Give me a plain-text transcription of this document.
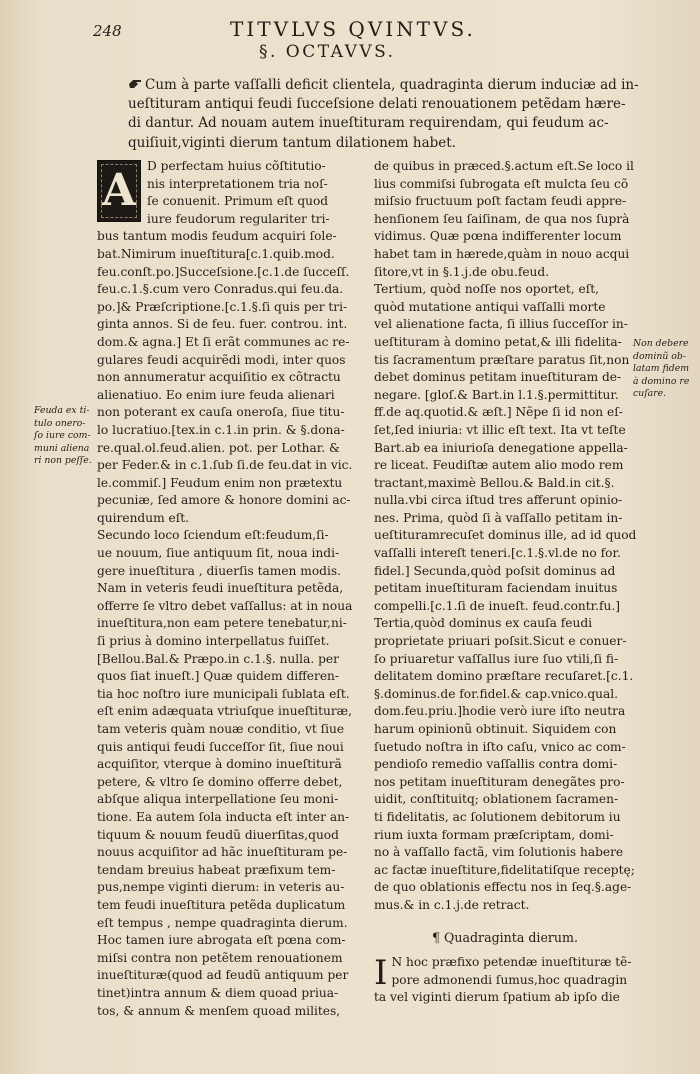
248	TITVLVS QVINTVS.
§. OCTAVVS.
Cum à parte vaſſalli deficit clientela, quadraginta dierum induciæ ad in-
ueſtituram antiqui feudi ſucceſsione delati renouationem petẽdam hære-
di dantur. Ad nouam autem inueſtituram requirendam, qui feudum ac-
quiſiuit,viginti dierum tantum dilationem habet.
A D perfectam huius cõſtitutio-
nis interpretationem tria noſ-
ſe conuenit. Primum eſt quod
iure feudorum regulariter tri-
bus tantum modis feudum acquiri ſole-
bat.Nimirum inueſtitura[c.1.quib.mod.
feu.conſt.po.]Succeſsione.[c.1.de ſucceſſ.
feu.c.1.§.cum vero Conradus.qui feu.da.
po.]& Præſcriptione.[c.1.§.ſi quis per tri-
ginta annos. Si de feu. fuer. controu. int.
dom.& agna.] Et ſi erãt communes ac re-
gulares feudi acquirẽdi modi, inter quos
non annumeratur acquiſitio ex cõtractu
alienatiuo. Eo enim iure feuda alienari
non poterant ex cauſa oneroſa, ſiue titu-
lo lucratiuo.[tex.in c.1.in prin. & §.dona-
re.qual.ol.feud.alien. pot. per Lothar. &
per Feder.& in c.1.ſub ſi.de feu.dat in vic.
le.commiſ.] Feudum enim non prætextu
pecuniæ, ſed amore & honore domini ac-
quirendum eſt.
Secundo loco ſciendum eſt:feudum,ſi-
ue nouum, ſiue antiquum ſit, noua indi-
gere inueſtitura , diuerſis tamen modis.
Nam in veteris feudi inueſtitura petẽda,
offerre ſe vltro debet vaſſallus: at in noua
inueſtitura,non eam petere tenebatur,ni-
ſi prius à domino interpellatus fuiſſet.
[Bellou.Bal.& Præpo.in c.1.§. nulla. per
quos ſiat inueſt.] Quæ quidem differen-
tia hoc noſtro iure municipali ſublata eſt.
eſt enim adæquata vtriuſque inueſtituræ,
tam veteris quàm nouæ conditio, vt ſiue
quis antiqui feudi ſucceſſor ſit, ſiue noui
acquiſitor, vterque à domino inueſtiturã
petere, & vltro ſe domino offerre debet,
abſque aliqua interpellatione ſeu moni-
tione. Ea autem ſola inducta eſt inter an-
tiquum & nouum feudũ diuerſitas,quod
nouus acquiſitor ad hãc inueſtituram pe-
tendam breuius habeat præfixum tem-
pus,nempe viginti dierum: in veteris au-
tem feudi inueſtitura petẽda duplicatum
eſt tempus , nempe quadraginta dierum.
Hoc tamen iure abrogata eſt pœna com-
miſsi contra non petẽtem renouationem
inueſtituræ(quod ad feudũ antiquum per
tinet)intra annum & diem quoad priua-
tos, & annum & menſem quoad milites,
de quibus in præced.§.actum eſt.Se loco il
lius commiſsi ſubrogata eſt mulcta ſeu cõ
miſsio fructuum poſt factam feudi appre-
henſionem ſeu ſaiſinam, de qua nos ſuprà
vidimus. Quæ pœna indifferenter locum
habet tam in hærede,quàm in nouo acqui
ſitore,vt in §.1.j.de obu.feud.
Tertium, quòd noſſe nos oportet, eſt,
quòd mutatione antiqui vaſſalli morte
vel alienatione facta, ſi illius ſucceſſor in-
ueſtituram à domino petat,& illi fidelita-
tis ſacramentum præſtare paratus ſit,non
debet dominus petitam inueſtituram de-
negare. [gloſ.& Bart.in l.1.§.permittitur.
ff.de aq.quotid.& æſt.] Nẽpe ſi id non eſ-
ſet,ſed iniuria: vt illic eſt text. Ita vt teſte
Bart.ab ea iniurioſa denegatione appella-
re liceat. Feudiſtæ autem alio modo rem
tractant,maximè Bellou.& Bald.in cit.§.
nulla.vbi circa iſtud tres afferunt opinio-
nes. Prima, quòd ſi à vaſſallo petitam in-
ueſtituramrecuſet dominus ille, ad id quod
vaſſalli intereſt teneri.[c.1.§.vl.de no for.
fidel.] Secunda,quòd poſsit dominus ad
petitam inueſtituram faciendam inuitus
compelli.[c.1.ſi de inueſt. feud.contr.fu.]
Tertia,quòd dominus ex cauſa feudi
proprietate priuari poſsit.Sicut e conuer-
ſo priuaretur vaſſallus iure ſuo vtili,ſi fi-
delitatem domino præſtare recuſaret.[c.1.
§.dominus.de for.fidel.& cap.vnico.qual.
dom.feu.priu.]hodie verò iure iſto neutra
harum opinionũ obtinuit. Siquidem con
ſuetudo noſtra in iſto caſu, vnico ac com-
pendioſo remedio vaſſallis contra domi-
nos petitam inueſtituram denegãtes pro-
uidit, conſtituitq; oblationem ſacramen-
ti fidelitatis, ac ſolutionem debitorum iu
rium iuxta formam præſcriptam, domi-
no à vaſſallo factã, vim ſolutionis habere
ac factæ inueſtiture,fidelitatiſque receptę;
de quo oblationis effectu nos in ſeq.§.age-
mus.& in c.1.j.de retract.
¶ Quadraginta dierum.
I N hoc præfixo petendæ inueſtituræ tẽ-
pore admonendi ſumus,hoc quadragin
ta vel viginti dierum ſpatium ab ipſo die
Feuda ex ti-
tulo onero-
ſo iure com-
muni aliena
ri non peſſe.
Non debere
dominũ ob-
latam fidem
à domino re
cuſare.
